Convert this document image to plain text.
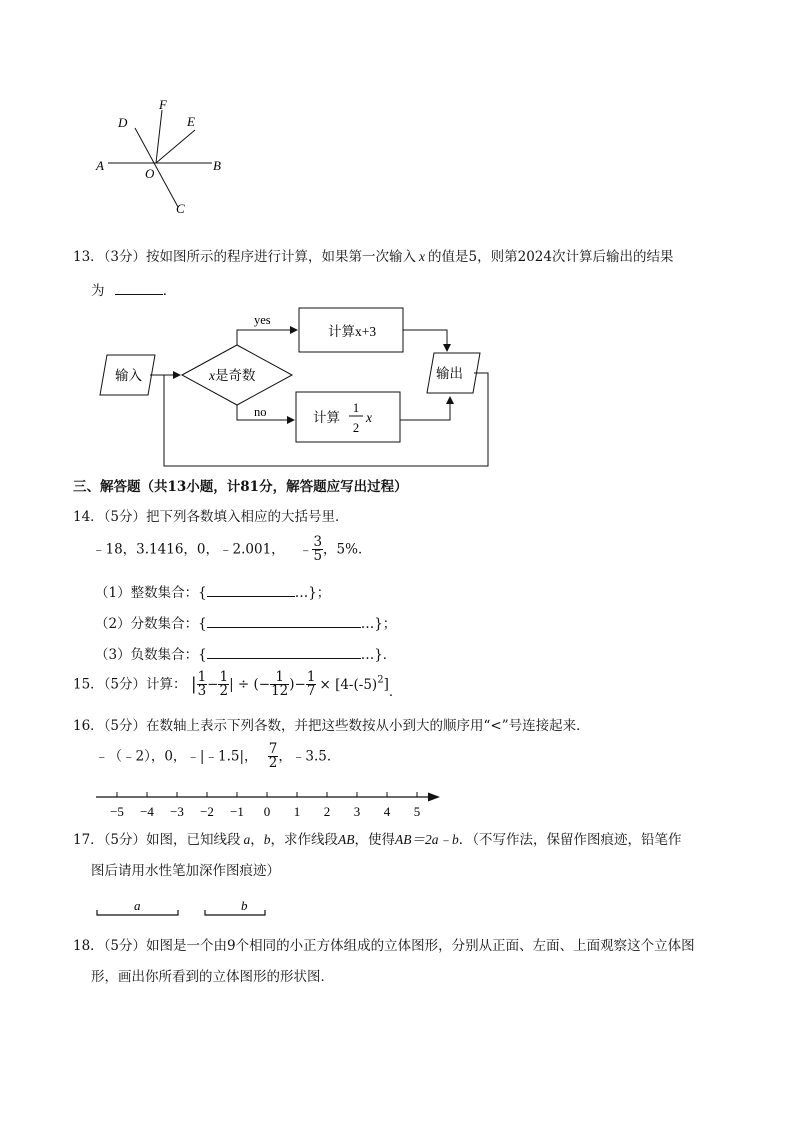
A	B
C
D	E
F
O
13．（3分）按如图所示的程序进行计算，如果第一次输入 x 的值是5，则第2024次计算后输出的结果
为	．
输入	x是奇数
yes
no
计算x+3
计算
1
2
x
输出
三、解答题（共13小题，计81分，解答题应写出过程）
14．（5分）把下列各数填入相应的大括号里．
﹣18，3.1416，0，﹣2.001， ﹣ $\frac{3}{5}$ ，5%．
（1）整数集合：{	…}；
（2）分数集合：{	…}；
（3）负数集合：{	…}．
15．（5分）计算： | $\frac{1}{3} - \frac{1}{2}$ | ÷ (− $\frac{1}{12}$ )− $\frac{1}{7} \times [4-(-5)^2]$．
16．（5分）在数轴上表示下列各数，并把这些数按从小到大的顺序用“<”号连接起来．
﹣（﹣2），0，﹣|﹣1.5|， $\frac{7}{2}$ ，﹣3.5．
−5 −4 −3 −2 −1 0 1 2 3 4 5
17．（5分）如图，已知线段 a，b，求作线段AB，使得AB＝2a﹣b．（不写作法，保留作图痕迹，铅笔作
图后请用水性笔加深作图痕迹）
a	b
18．（5分）如图是一个由9个相同的小正方体组成的立体图形，分别从正面、左面、上面观察这个立体图
形，画出你所看到的立体图形的形状图．
